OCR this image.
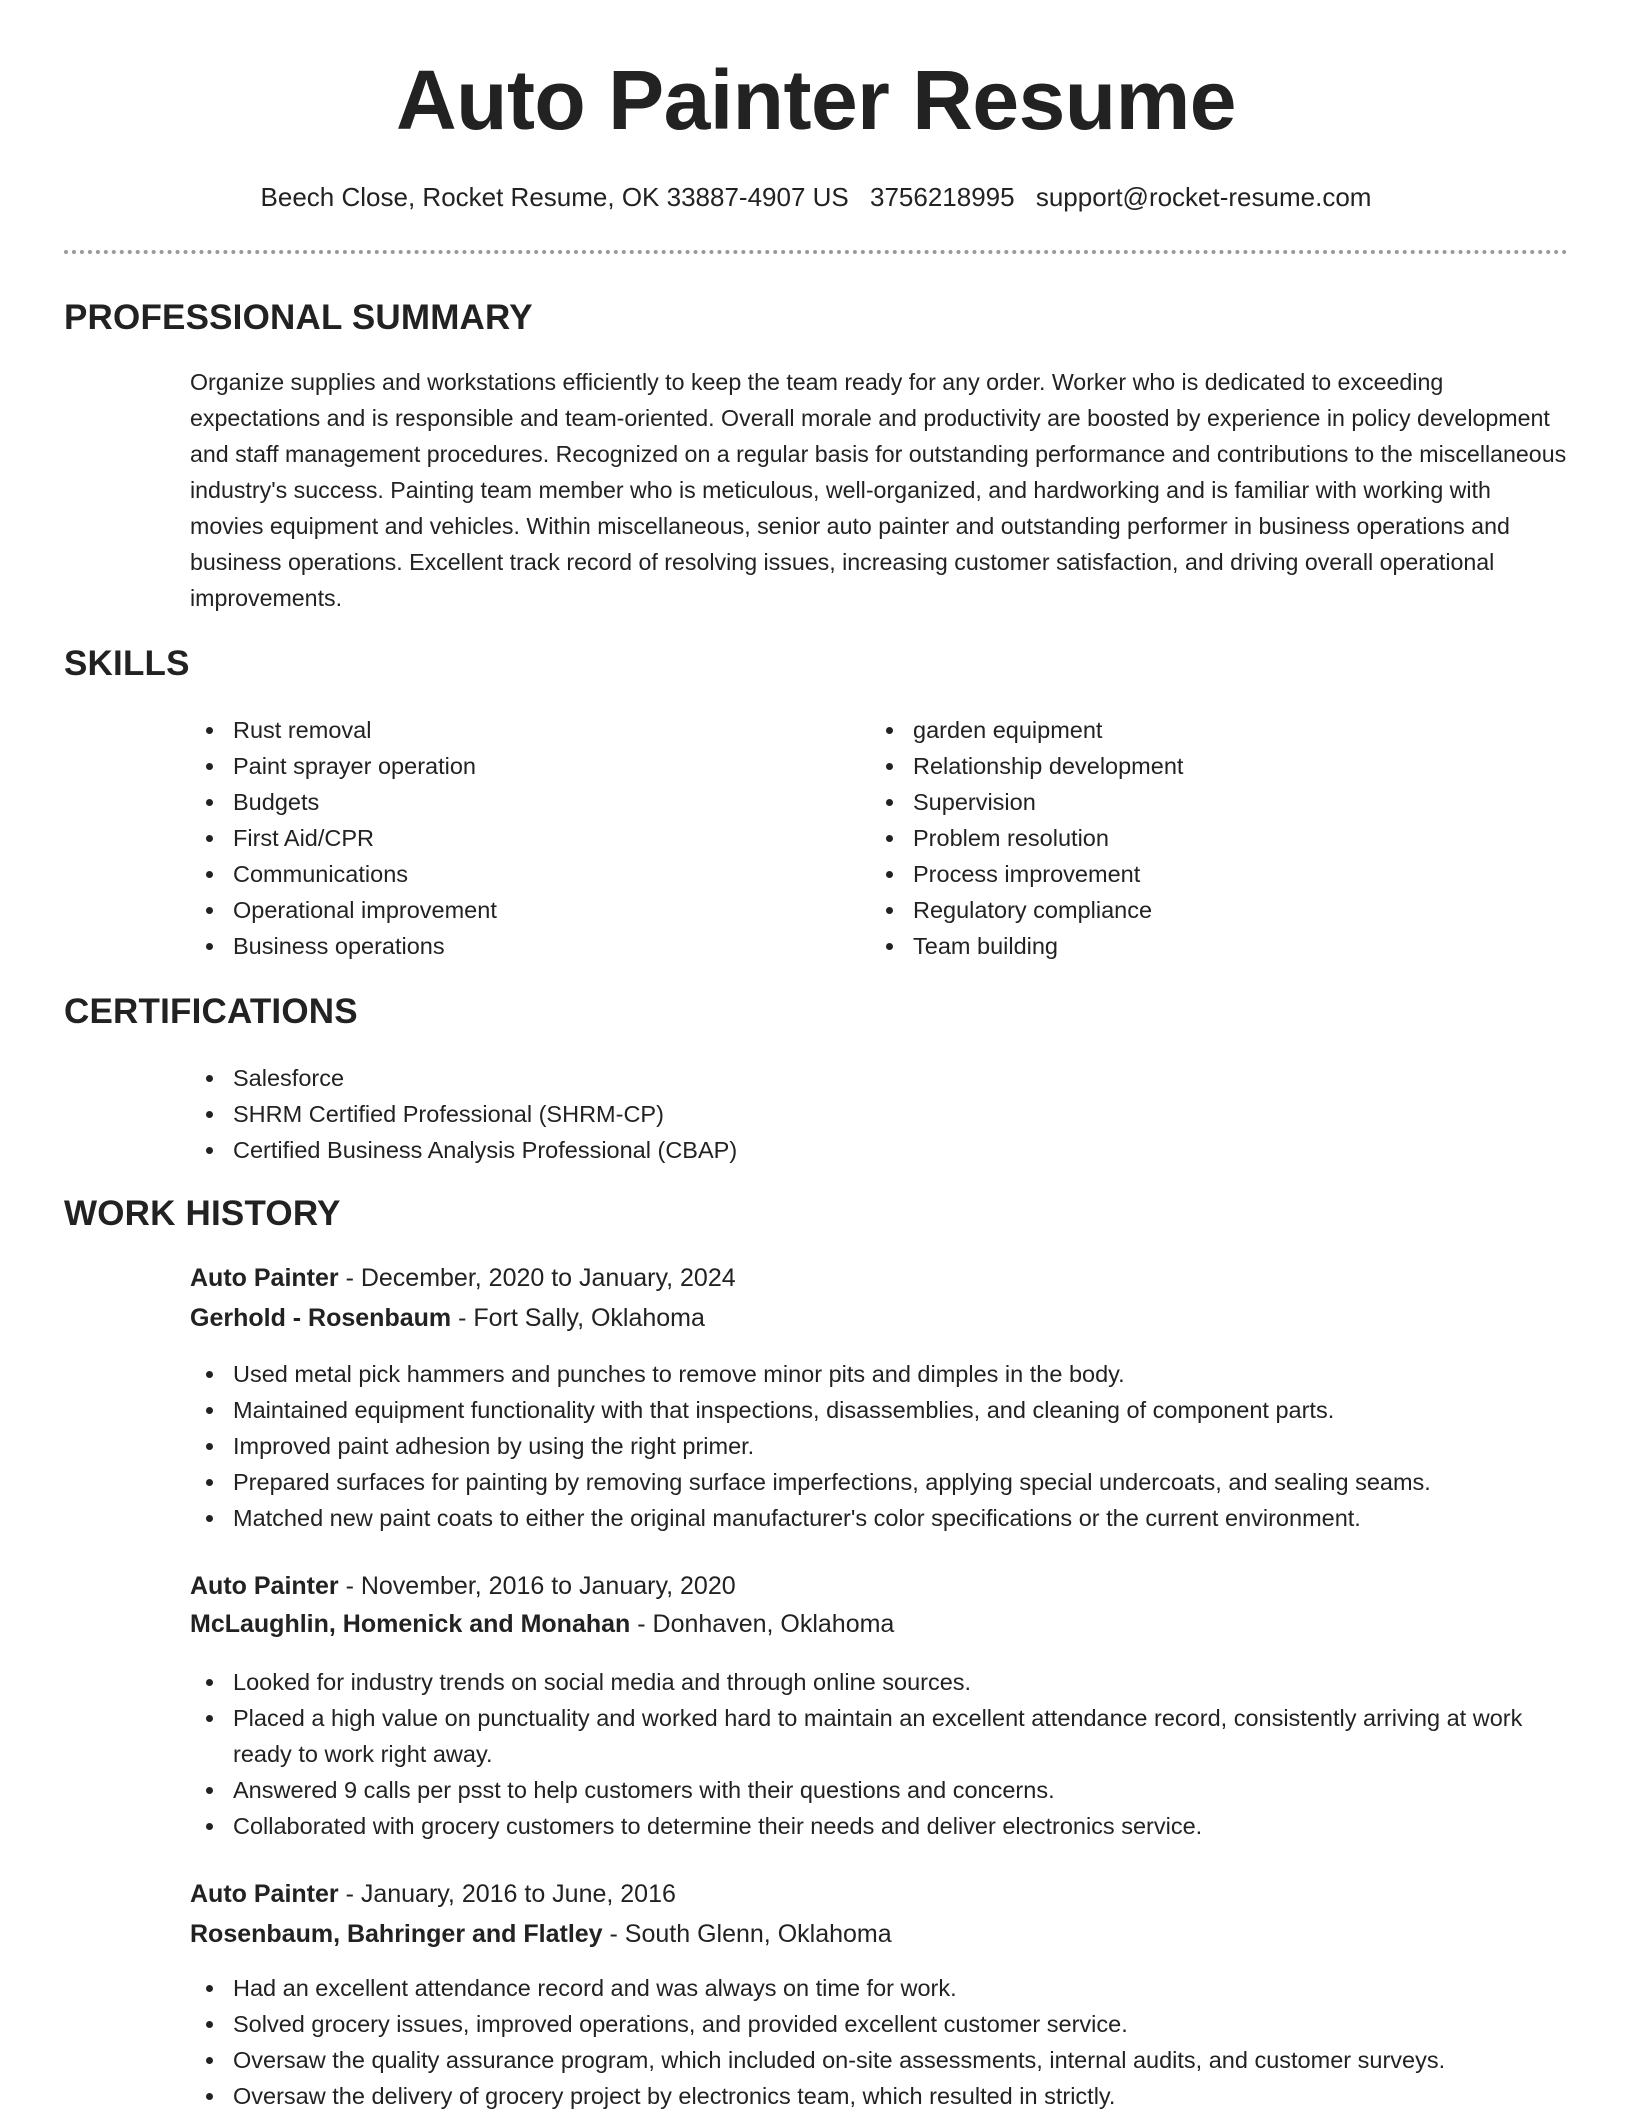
Auto Painter Resume
Beech Close, Rocket Resume, OK 33887-4907 US 3756218995 support@rocket-resume.com
PROFESSIONAL SUMMARY

Organize supplies and workstations efficiently to keep the team ready for any order. Worker who is dedicated to exceeding expectations and is responsible and team-oriented. Overall morale and productivity are boosted by experience in policy development and staff management procedures. Recognized on a regular basis for outstanding performance and contributions to the miscellaneous industry's success. Painting team member who is meticulous, well-organized, and hardworking and is familiar with working with movies equipment and vehicles. Within miscellaneous, senior auto painter and outstanding performer in business operations and business operations. Excellent track record of resolving issues, increasing customer satisfaction, and driving overall operational improvements.

SKILLS
Rust removal
Paint sprayer operation
Budgets
First Aid/CPR
Communications
Operational improvement
Business operations
garden equipment
Relationship development
Supervision
Problem resolution
Process improvement
Regulatory compliance
Team building
CERTIFICATIONS
Salesforce
SHRM Certified Professional (SHRM-CP)
Certified Business Analysis Professional (CBAP)
WORK HISTORY
Auto Painter - December, 2020 to January, 2024
Gerhold - Rosenbaum - Fort Sally, Oklahoma
Used metal pick hammers and punches to remove minor pits and dimples in the body.
Maintained equipment functionality with that inspections, disassemblies, and cleaning of component parts.
Improved paint adhesion by using the right primer.
Prepared surfaces for painting by removing surface imperfections, applying special undercoats, and sealing seams.
Matched new paint coats to either the original manufacturer's color specifications or the current environment.
Auto Painter - November, 2016 to January, 2020
McLaughlin, Homenick and Monahan - Donhaven, Oklahoma
Looked for industry trends on social media and through online sources.
Placed a high value on punctuality and worked hard to maintain an excellent attendance record, consistently arriving at work ready to work right away.
Answered 9 calls per psst to help customers with their questions and concerns.
Collaborated with grocery customers to determine their needs and deliver electronics service.
Auto Painter - January, 2016 to June, 2016
Rosenbaum, Bahringer and Flatley - South Glenn, Oklahoma
Had an excellent attendance record and was always on time for work.
Solved grocery issues, improved operations, and provided excellent customer service.
Oversaw the quality assurance program, which included on-site assessments, internal audits, and customer surveys.
Oversaw the delivery of grocery project by electronics team, which resulted in strictly.
